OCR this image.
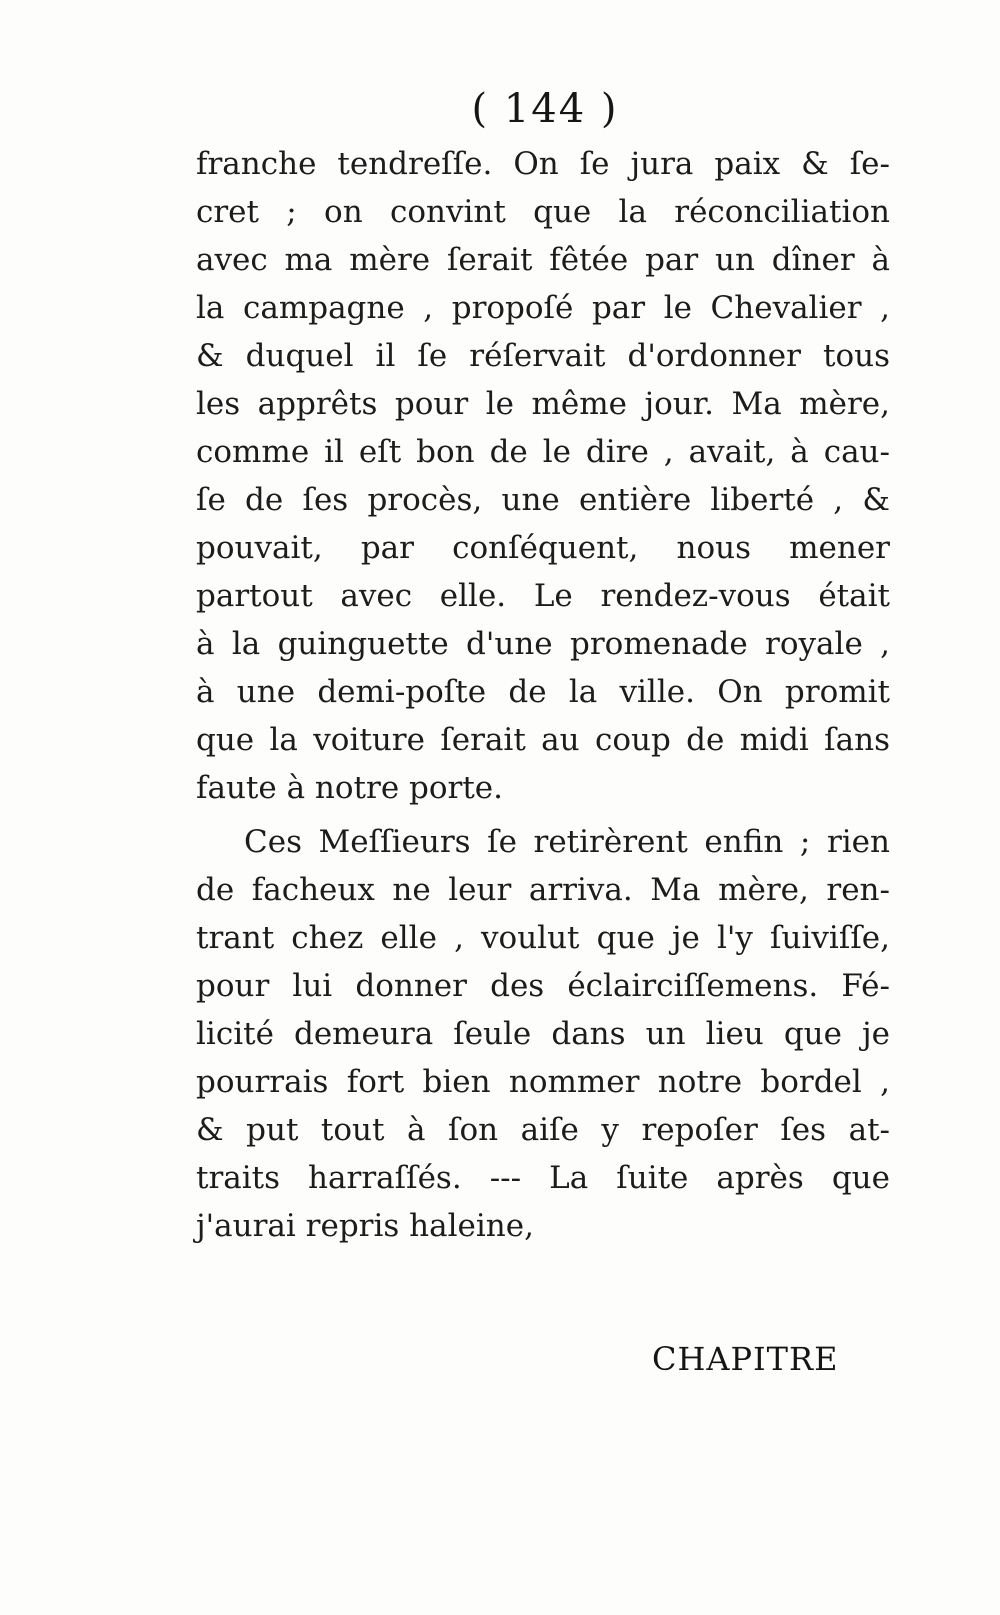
( 144 )
franche tendreſſe. On ſe jura paix & ſe-
cret ; on convint que la réconciliation
avec ma mère ſerait fêtée par un dîner à
la campagne , propoſé par le Chevalier ,
& duquel il ſe réſervait d'ordonner tous
les apprêts pour le même jour. Ma mère,
comme il eſt bon de le dire , avait, à cau-
ſe de ſes procès, une entière liberté , &
pouvait, par conſéquent, nous mener
partout avec elle. Le rendez-vous était
à la guinguette d'une promenade royale ,
à une demi-poſte de la ville. On promit
que la voiture ſerait au coup de midi ſans
faute à notre porte.
Ces Meſſieurs ſe retirèrent enfin ; rien
de facheux ne leur arriva. Ma mère, ren-
trant chez elle , voulut que je l'y ſuiviſſe,
pour lui donner des éclairciſſemens. Fé-
licité demeura ſeule dans un lieu que je
pourrais fort bien nommer notre bordel ,
& put tout à ſon aiſe y repoſer ſes at-
traits harraſſés. --- La ſuite après que
j'aurai repris haleine,
CHAPITRE
